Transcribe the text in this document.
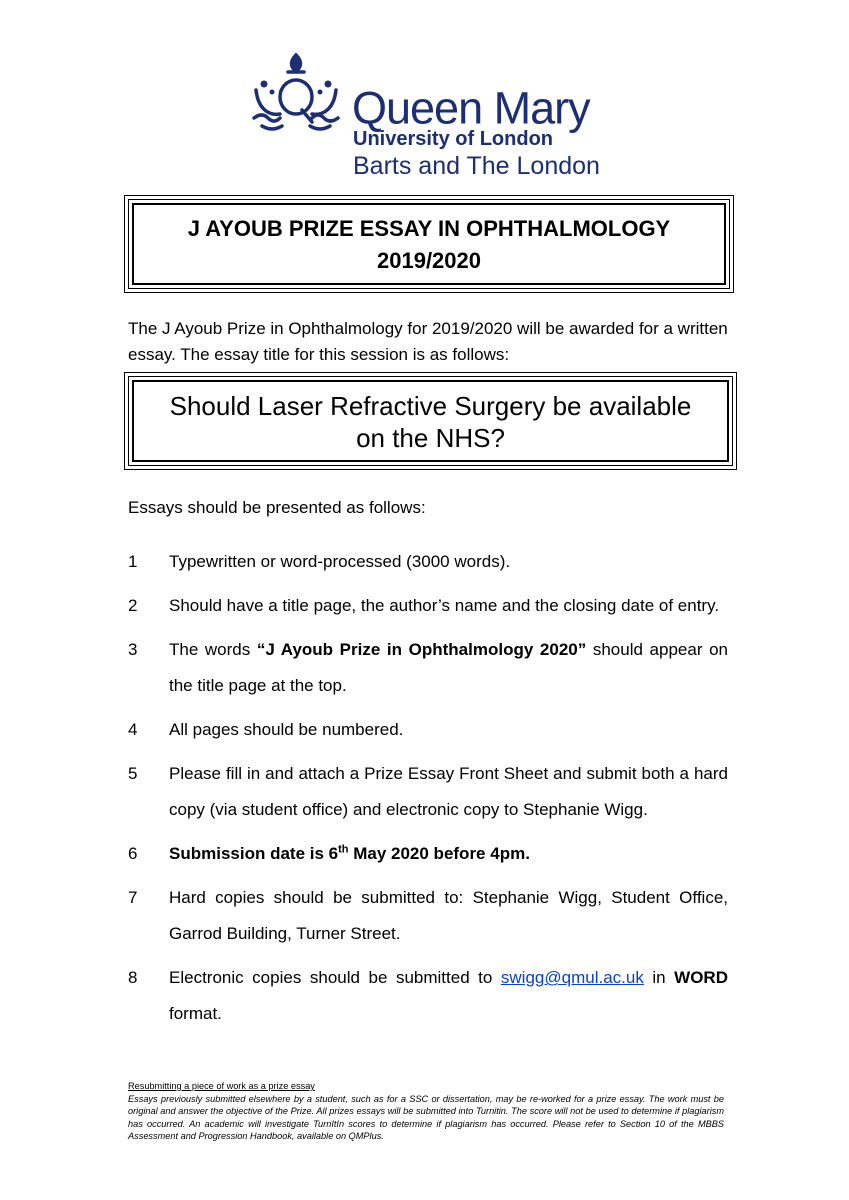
Queen Mary
University of London
Barts and The London
J AYOUB PRIZE ESSAY IN OPHTHALMOLOGY
2019/2020
The J Ayoub Prize in Ophthalmology for 2019/2020 will be awarded for a written essay. The essay title for this session is as follows:
Should Laser Refractive Surgery be available
on the NHS?
Essays should be presented as follows:
1	Typewritten or word-processed (3000 words).
2	Should have a title page, the author’s name and the closing date of entry.
3	The words “J Ayoub Prize in Ophthalmology 2020” should appear on the title page at the top.
4	All pages should be numbered.
5	Please fill in and attach a Prize Essay Front Sheet and submit both a hard copy (via student office) and electronic copy to Stephanie Wigg.
6	Submission date is 6th May 2020 before 4pm.
7	Hard copies should be submitted to: Stephanie Wigg, Student Office, Garrod Building, Turner Street.
8	Electronic copies should be submitted to swigg@qmul.ac.uk in WORD format.
Resubmitting a piece of work as a prize essay
Essays previously submitted elsewhere by a student, such as for a SSC or dissertation, may be re-worked for a prize essay. The work must be original and answer the objective of the Prize. All prizes essays will be submitted into Turnitin. The score will not be used to determine if plagiarism has occurred. An academic will investigate TurnItIn scores to determine if plagiarism has occurred. Please refer to Section 10 of the MBBS Assessment and Progression Handbook, available on QMPlus.
